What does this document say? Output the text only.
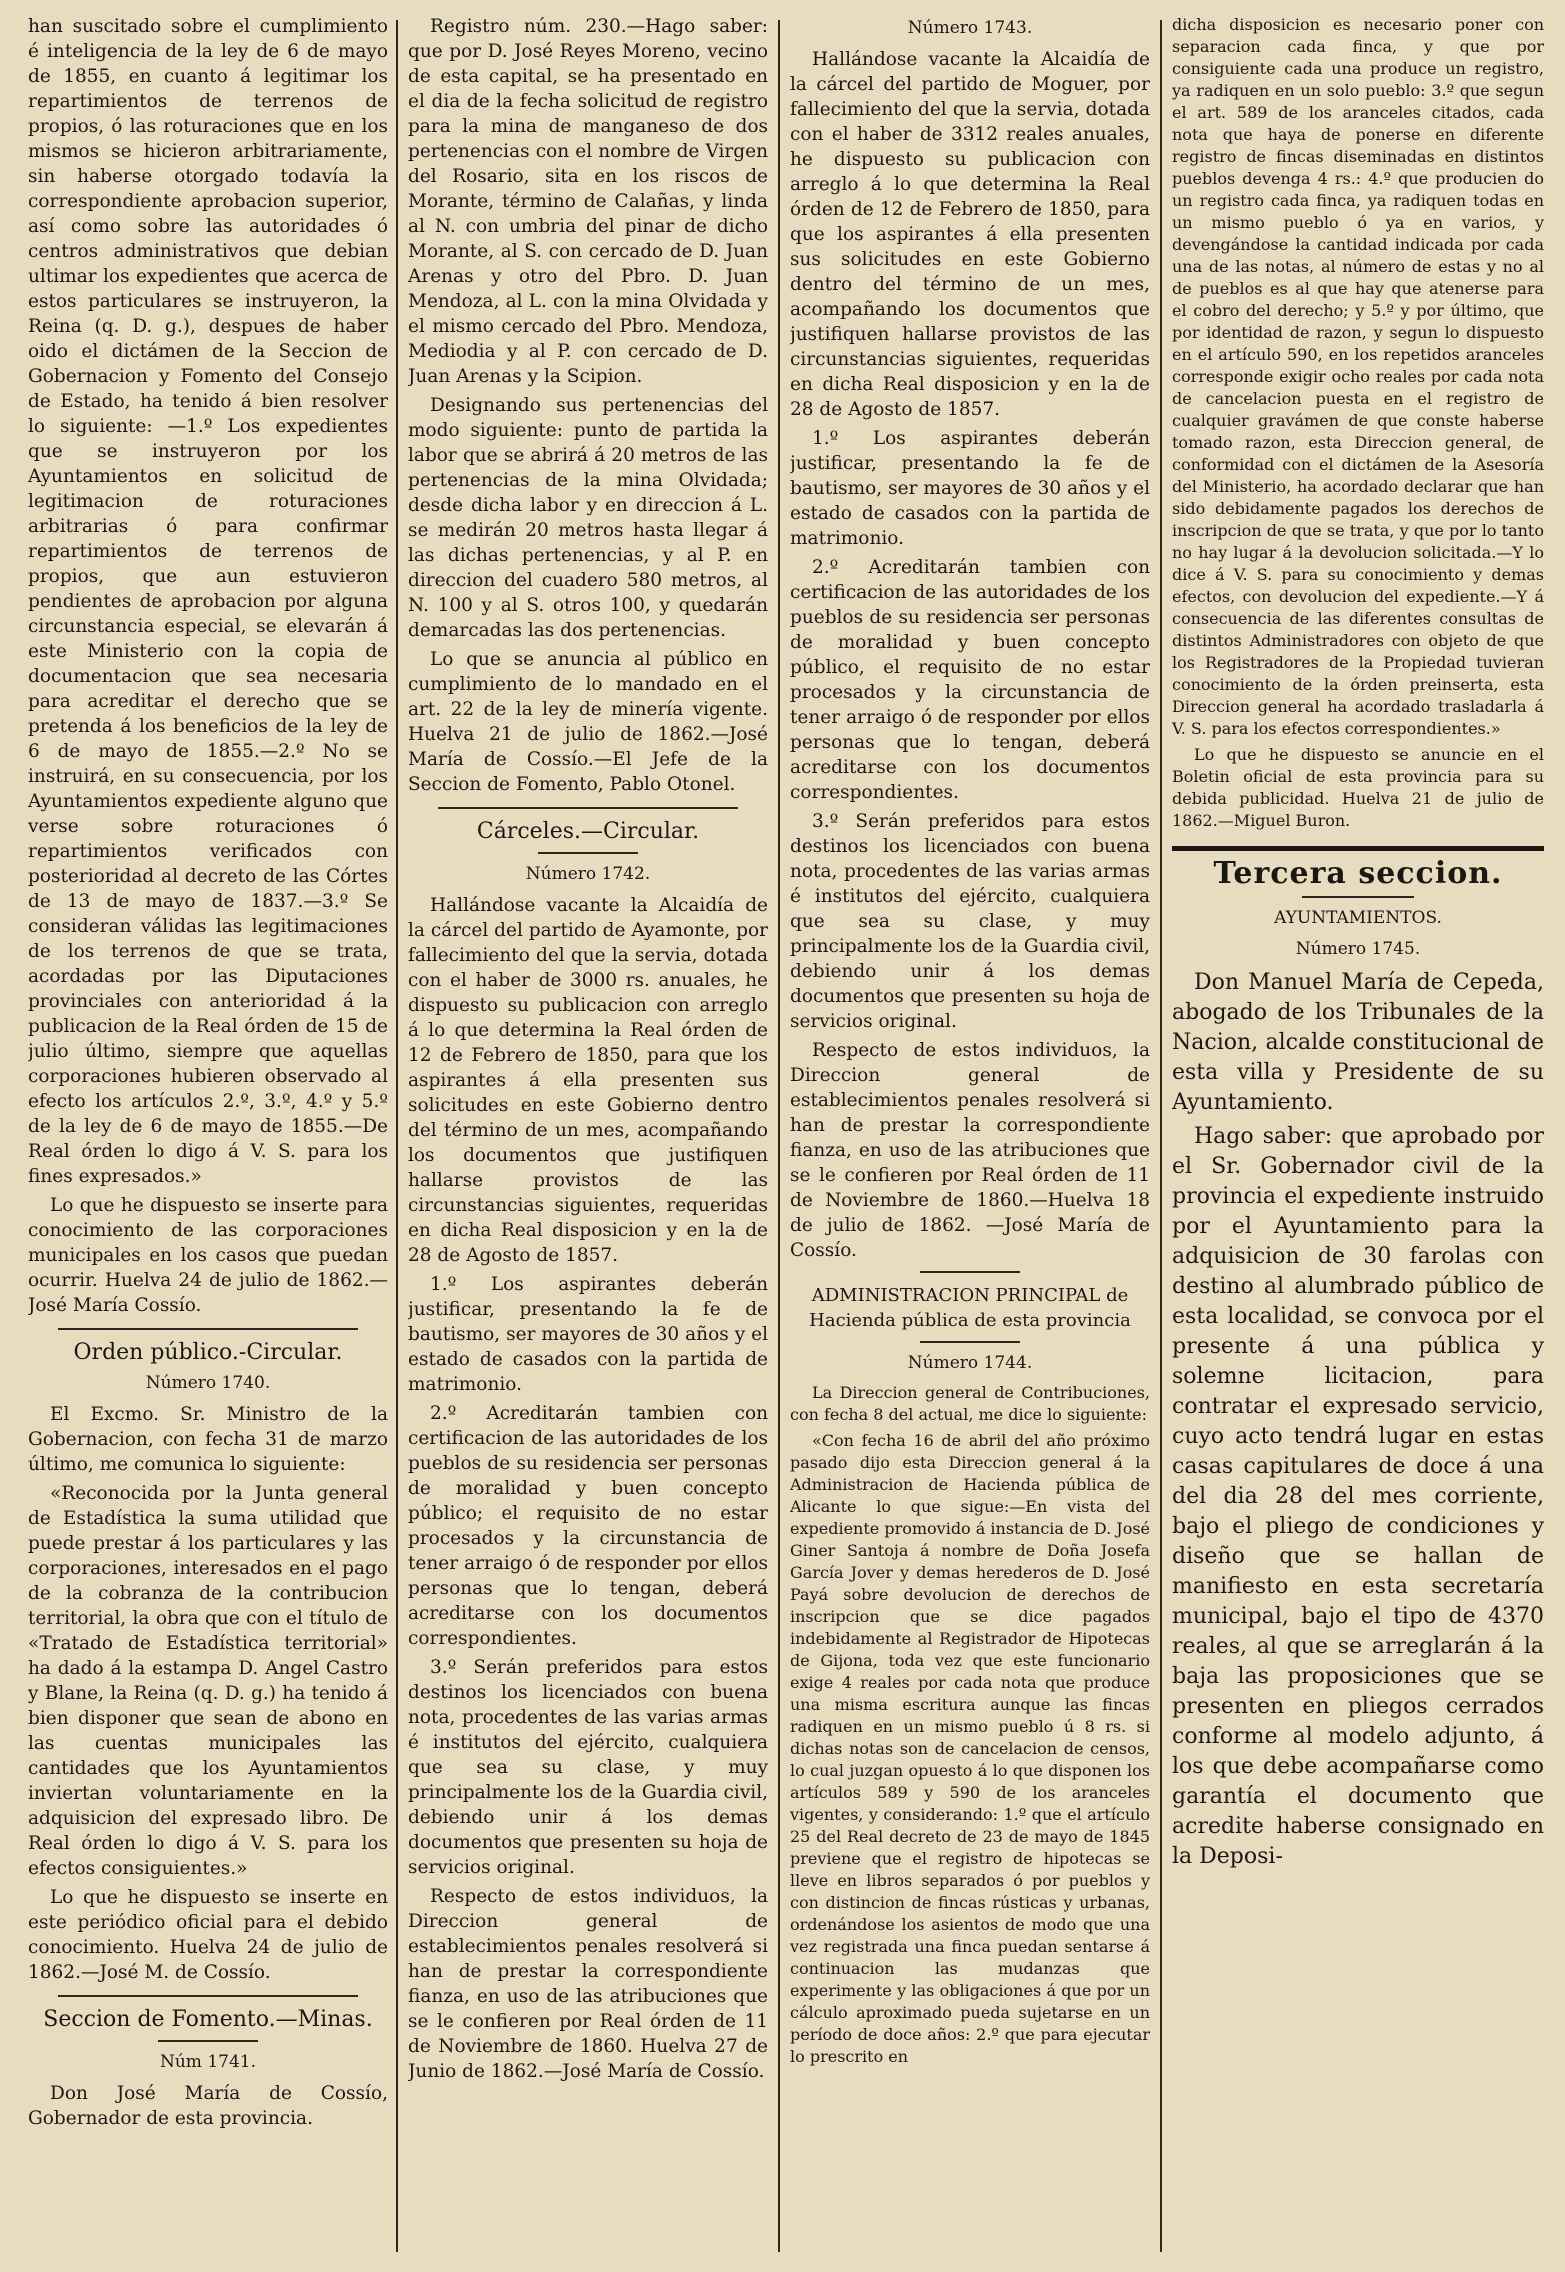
han suscitado sobre el cumplimiento é inteligencia de la ley de 6 de mayo de 1855, en cuanto á legitimar los repartimientos de terrenos de propios, ó las roturaciones que en los mismos se hicieron arbitrariamente, sin haberse otorgado todavía la correspondiente aprobacion superior, así como sobre las autoridades ó centros administrativos que debian ultimar los expedientes que acerca de estos particulares se instruyeron, la Reina (q. D. g.), despues de haber oido el dictámen de la Seccion de Gobernacion y Fomento del Consejo de Estado, ha tenido á bien resolver lo siguiente: —1.º Los expedientes que se instruyeron por los Ayuntamientos en solicitud de legitimacion de roturaciones arbitrarias ó para confirmar repartimientos de terrenos de propios, que aun estuvieron pendientes de aprobacion por alguna circunstancia especial, se elevarán á este Ministerio con la copia de documentacion que sea necesaria para acreditar el derecho que se pretenda á los beneficios de la ley de 6 de mayo de 1855.—2.º No se instruirá, en su consecuencia, por los Ayuntamientos expediente alguno que verse sobre roturaciones ó repartimientos verificados con posterioridad al decreto de las Córtes de 13 de mayo de 1837.—3.º Se consideran válidas las legitimaciones de los terrenos de que se trata, acordadas por las Diputaciones provinciales con anterioridad á la publicacion de la Real órden de 15 de julio último, siempre que aquellas corporaciones hubieren observado al efecto los artículos 2.º, 3.º, 4.º y 5.º de la ley de 6 de mayo de 1855.—De Real órden lo digo á V. S. para los fines expresados.»

Lo que he dispuesto se inserte para conocimiento de las corporaciones municipales en los casos que puedan ocurrir. Huelva 24 de julio de 1862.—José María Cossío.

Orden público.-Circular.
Número 1740.

El Excmo. Sr. Ministro de la Gobernacion, con fecha 31 de marzo último, me comunica lo siguiente:

«Reconocida por la Junta general de Estadística la suma utilidad que puede prestar á los particulares y las corporaciones, interesados en el pago de la cobranza de la contribucion territorial, la obra que con el título de «Tratado de Estadística territorial» ha dado á la estampa D. Angel Castro y Blane, la Reina (q. D. g.) ha tenido á bien disponer que sean de abono en las cuentas municipales las cantidades que los Ayuntamientos inviertan voluntariamente en la adquisicion del expresado libro. De Real órden lo digo á V. S. para los efectos consiguientes.»

Lo que he dispuesto se inserte en este periódico oficial para el debido conocimiento. Huelva 24 de julio de 1862.—José M. de Cossío.

Seccion de Fomento.—Minas.
Núm 1741.

Don José María de Cossío, Gobernador de esta provincia.

Registro núm. 230.—Hago saber: que por D. José Reyes Moreno, vecino de esta capital, se ha presentado en el dia de la fecha solicitud de registro para la mina de manganeso de dos pertenencias con el nombre de Virgen del Rosario, sita en los riscos de Morante, término de Calañas, y linda al N. con umbria del pinar de dicho Morante, al S. con cercado de D. Juan Arenas y otro del Pbro. D. Juan Mendoza, al L. con la mina Olvidada y el mismo cercado del Pbro. Mendoza, Mediodia y al P. con cercado de D. Juan Arenas y la Scipion.

Designando sus pertenencias del modo siguiente: punto de partida la labor que se abrirá á 20 metros de las pertenencias de la mina Olvidada; desde dicha labor y en direccion á L. se medirán 20 metros hasta llegar á las dichas pertenencias, y al P. en direccion del cuadero 580 metros, al N. 100 y al S. otros 100, y quedarán demarcadas las dos pertenencias.

Lo que se anuncia al público en cumplimiento de lo mandado en el art. 22 de la ley de minería vigente. Huelva 21 de julio de 1862.—José María de Cossío.—El Jefe de la Seccion de Fomento, Pablo Otonel.

Cárceles.—Circular.
Número 1742.

Hallándose vacante la Alcaidía de la cárcel del partido de Ayamonte, por fallecimiento del que la servia, dotada con el haber de 3000 rs. anuales, he dispuesto su publicacion con arreglo á lo que determina la Real órden de 12 de Febrero de 1850, para que los aspirantes á ella presenten sus solicitudes en este Gobierno dentro del término de un mes, acompañando los documentos que justifiquen hallarse provistos de las circunstancias siguientes, requeridas en dicha Real disposicion y en la de 28 de Agosto de 1857.

1.º Los aspirantes deberán justificar, presentando la fe de bautismo, ser mayores de 30 años y el estado de casados con la partida de matrimonio.

2.º Acreditarán tambien con certificacion de las autoridades de los pueblos de su residencia ser personas de moralidad y buen concepto público; el requisito de no estar procesados y la circunstancia de tener arraigo ó de responder por ellos personas que lo tengan, deberá acreditarse con los documentos correspondientes.

3.º Serán preferidos para estos destinos los licenciados con buena nota, procedentes de las varias armas é institutos del ejército, cualquiera que sea su clase, y muy principalmente los de la Guardia civil, debiendo unir á los demas documentos que presenten su hoja de servicios original.

Respecto de estos individuos, la Direccion general de establecimientos penales resolverá si han de prestar la correspondiente fianza, en uso de las atribuciones que se le confieren por Real órden de 11 de Noviembre de 1860. Huelva 27 de Junio de 1862.—José María de Cossío.

Número 1743.

Hallándose vacante la Alcaidía de la cárcel del partido de Moguer, por fallecimiento del que la servia, dotada con el haber de 3312 reales anuales, he dispuesto su publicacion con arreglo á lo que determina la Real órden de 12 de Febrero de 1850, para que los aspirantes á ella presenten sus solicitudes en este Gobierno dentro del término de un mes, acompañando los documentos que justifiquen hallarse provistos de las circunstancias siguientes, requeridas en dicha Real disposicion y en la de 28 de Agosto de 1857.

1.º Los aspirantes deberán justificar, presentando la fe de bautismo, ser mayores de 30 años y el estado de casados con la partida de matrimonio.

2.º Acreditarán tambien con certificacion de las autoridades de los pueblos de su residencia ser personas de moralidad y buen concepto público, el requisito de no estar procesados y la circunstancia de tener arraigo ó de responder por ellos personas que lo tengan, deberá acreditarse con los documentos correspondientes.

3.º Serán preferidos para estos destinos los licenciados con buena nota, procedentes de las varias armas é institutos del ejército, cualquiera que sea su clase, y muy principalmente los de la Guardia civil, debiendo unir á los demas documentos que presenten su hoja de servicios original.

Respecto de estos individuos, la Direccion general de establecimientos penales resolverá si han de prestar la correspondiente fianza, en uso de las atribuciones que se le confieren por Real órden de 11 de Noviembre de 1860.—Huelva 18 de julio de 1862. —José María de Cossío.

ADMINISTRACION PRINCIPAL de Hacienda pública de esta provincia
Número 1744.

La Direccion general de Contribuciones, con fecha 8 del actual, me dice lo siguiente:

«Con fecha 16 de abril del año próximo pasado dijo esta Direccion general á la Administracion de Hacienda pública de Alicante lo que sigue:—En vista del expediente promovido á instancia de D. José Giner Santoja á nombre de Doña Josefa García Jover y demas herederos de D. José Payá sobre devolucion de derechos de inscripcion que se dice pagados indebidamente al Registrador de Hipotecas de Gijona, toda vez que este funcionario exige 4 reales por cada nota que produce una misma escritura aunque las fincas radiquen en un mismo pueblo ú 8 rs. si dichas notas son de cancelacion de censos, lo cual juzgan opuesto á lo que disponen los artículos 589 y 590 de los aranceles vigentes, y considerando: 1.º que el artículo 25 del Real decreto de 23 de mayo de 1845 previene que el registro de hipotecas se lleve en libros separados ó por pueblos y con distincion de fincas rústicas y urbanas, ordenándose los asientos de modo que una vez registrada una finca puedan sentarse á continuacion las mudanzas que experimente y las obligaciones á que por un cálculo aproximado pueda sujetarse en un período de doce años: 2.º que para ejecutar lo prescrito en

dicha disposicion es necesario poner con separacion cada finca, y que por consiguiente cada una produce un registro, ya radiquen en un solo pueblo: 3.º que segun el art. 589 de los aranceles citados, cada nota que haya de ponerse en diferente registro de fincas diseminadas en distintos pueblos devenga 4 rs.: 4.º que producien do un registro cada finca, ya radiquen todas en un mismo pueblo ó ya en varios, y devengándose la cantidad indicada por cada una de las notas, al número de estas y no al de pueblos es al que hay que atenerse para el cobro del derecho; y 5.º y por último, que por identidad de razon, y segun lo dispuesto en el artículo 590, en los repetidos aranceles corresponde exigir ocho reales por cada nota de cancelacion puesta en el registro de cualquier gravámen de que conste haberse tomado razon, esta Direccion general, de conformidad con el dictámen de la Asesoría del Ministerio, ha acordado declarar que han sido debidamente pagados los derechos de inscripcion de que se trata, y que por lo tanto no hay lugar á la devolucion solicitada.—Y lo dice á V. S. para su conocimiento y demas efectos, con devolucion del expediente.—Y á consecuencia de las diferentes consultas de distintos Administradores con objeto de que los Registradores de la Propiedad tuvieran conocimiento de la órden preinserta, esta Direccion general ha acordado trasladarla á V. S. para los efectos correspondientes.»

Lo que he dispuesto se anuncie en el Boletin oficial de esta provincia para su debida publicidad. Huelva 21 de julio de 1862.—Miguel Buron.

Tercera seccion.
AYUNTAMIENTOS.
Número 1745.

Don Manuel María de Cepeda, abogado de los Tribunales de la Nacion, alcalde constitucional de esta villa y Presidente de su Ayuntamiento.

Hago saber: que aprobado por el Sr. Gobernador civil de la provincia el expediente instruido por el Ayuntamiento para la adquisicion de 30 farolas con destino al alumbrado público de esta localidad, se convoca por el presente á una pública y solemne licitacion, para contratar el expresado servicio, cuyo acto tendrá lugar en estas casas capitulares de doce á una del dia 28 del mes corriente, bajo el pliego de condiciones y diseño que se hallan de manifiesto en esta secretaría municipal, bajo el tipo de 4370 reales, al que se arreglarán á la baja las proposiciones que se presenten en pliegos cerrados conforme al modelo adjunto, á los que debe acompañarse como garantía el documento que acredite haberse consignado en la Deposi-
